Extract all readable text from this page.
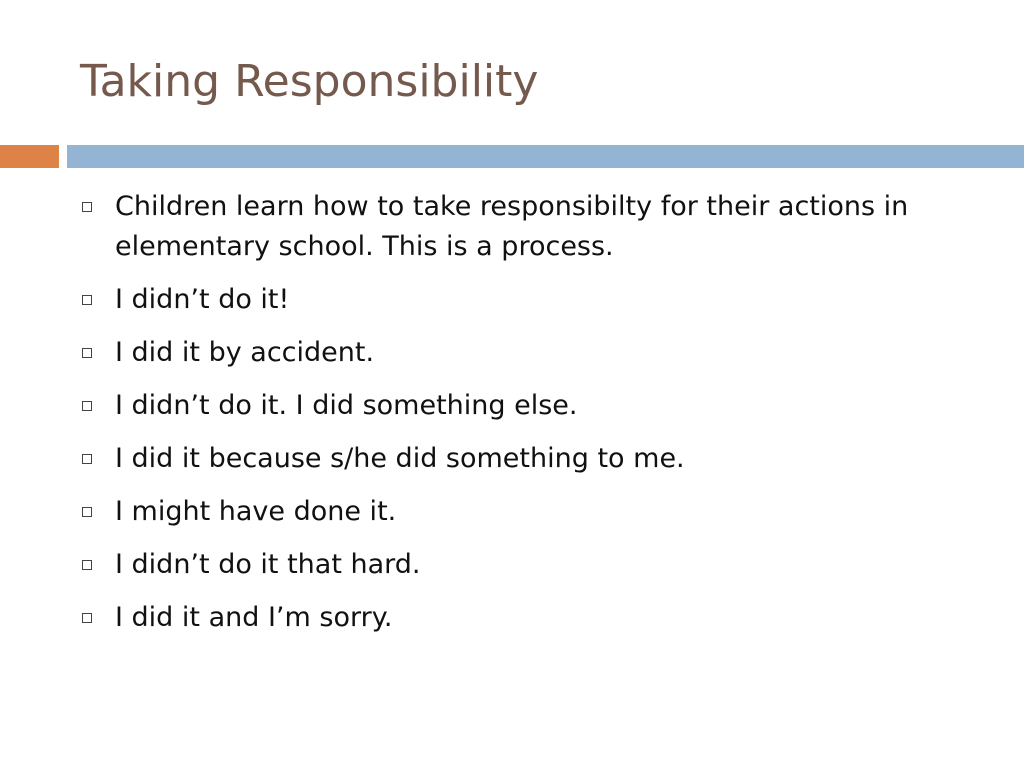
Taking Responsibility
Children learn how to take responsibilty for their actions in elementary school. This is a process.
I didn’t do it!
I did it by accident.
I didn’t do it. I did something else.
I did it because s/he did something to me.
I might have done it.
I didn’t do it that hard.
I did it and I’m sorry.
